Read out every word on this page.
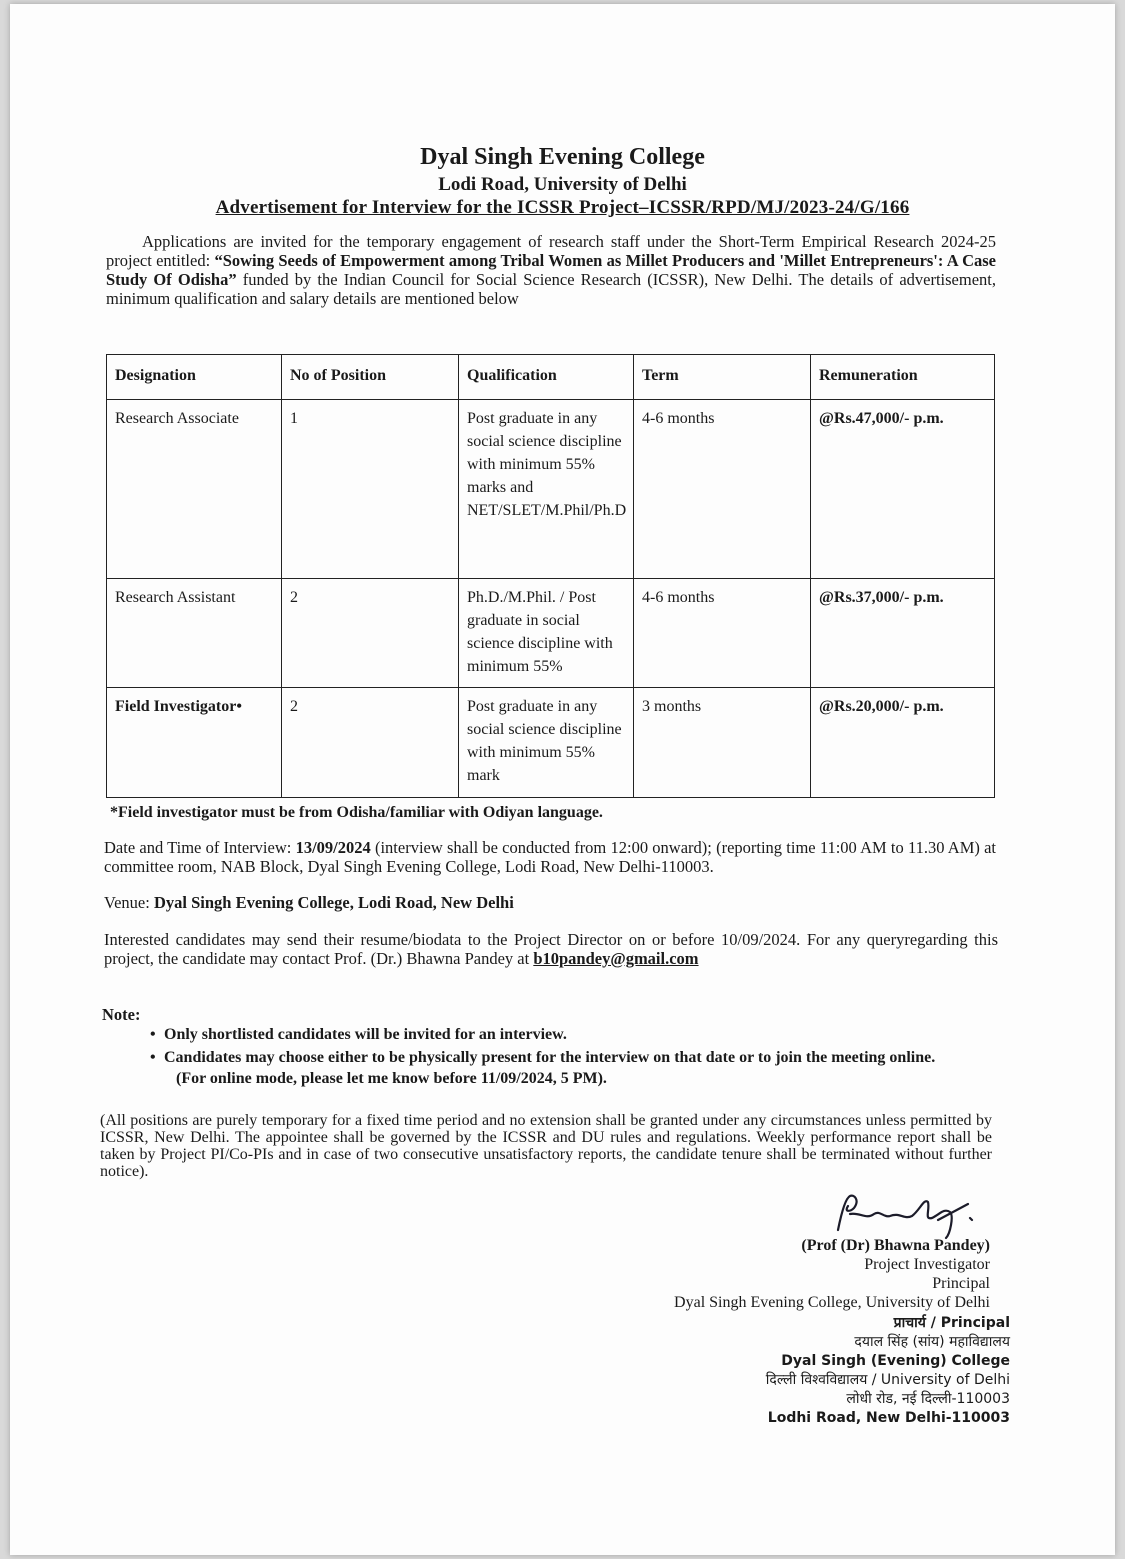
Dyal Singh Evening College
Lodi Road, University of Delhi
Advertisement for Interview for the ICSSR Project–ICSSR/RPD/MJ/2023-24/G/166
Applications are invited for the temporary engagement of research staff under the Short-Term Empirical Research 2024-25 project entitled: “Sowing Seeds of Empowerment among Tribal Women as Millet Producers and 'Millet Entrepreneurs': A Case Study Of Odisha” funded by the Indian Council for Social Science Research (ICSSR), New Delhi. The details of advertisement, minimum qualification and salary details are mentioned below
Designation	No of Position	Qualification	Term	Remuneration
Research Associate	1	Post graduate in any social science discipline with minimum 55% marks and NET/SLET/M.Phil/Ph.D	4-6 months	@Rs.47,000/- p.m.
Research Assistant	2	Ph.D./M.Phil. / Post graduate in social science discipline with minimum 55%	4-6 months	@Rs.37,000/- p.m.
Field Investigator•	2	Post graduate in any social science discipline with minimum 55% mark	3 months	@Rs.20,000/- p.m.
*Field investigator must be from Odisha/familiar with Odiyan language.
Date and Time of Interview: 13/09/2024 (interview shall be conducted from 12:00 onward); (reporting time 11:00 AM to 11.30 AM) at committee room, NAB Block, Dyal Singh Evening College, Lodi Road, New Delhi-110003.
Venue: Dyal Singh Evening College, Lodi Road, New Delhi
Interested candidates may send their resume/biodata to the Project Director on or before 10/09/2024. For any queryregarding this project, the candidate may contact Prof. (Dr.) Bhawna Pandey at b10pandey@gmail.com
Note:
• Only shortlisted candidates will be invited for an interview.
• Candidates may choose either to be physically present for the interview on that date or to join the meeting online.
(For online mode, please let me know before 11/09/2024, 5 PM).
(All positions are purely temporary for a fixed time period and no extension shall be granted under any circumstances unless permitted by ICSSR, New Delhi. The appointee shall be governed by the ICSSR and DU rules and regulations. Weekly performance report shall be taken by Project PI/Co-PIs and in case of two consecutive unsatisfactory reports, the candidate tenure shall be terminated without further notice).
(Prof (Dr) Bhawna Pandey)
Project Investigator
Principal
Dyal Singh Evening College, University of Delhi
प्राचार्य / Principal
दयाल सिंह (सांय) महाविद्यालय
Dyal Singh (Evening) College
दिल्ली विश्वविद्यालय / University of Delhi
लोधी रोड, नई दिल्ली-110003
Lodhi Road, New Delhi-110003
